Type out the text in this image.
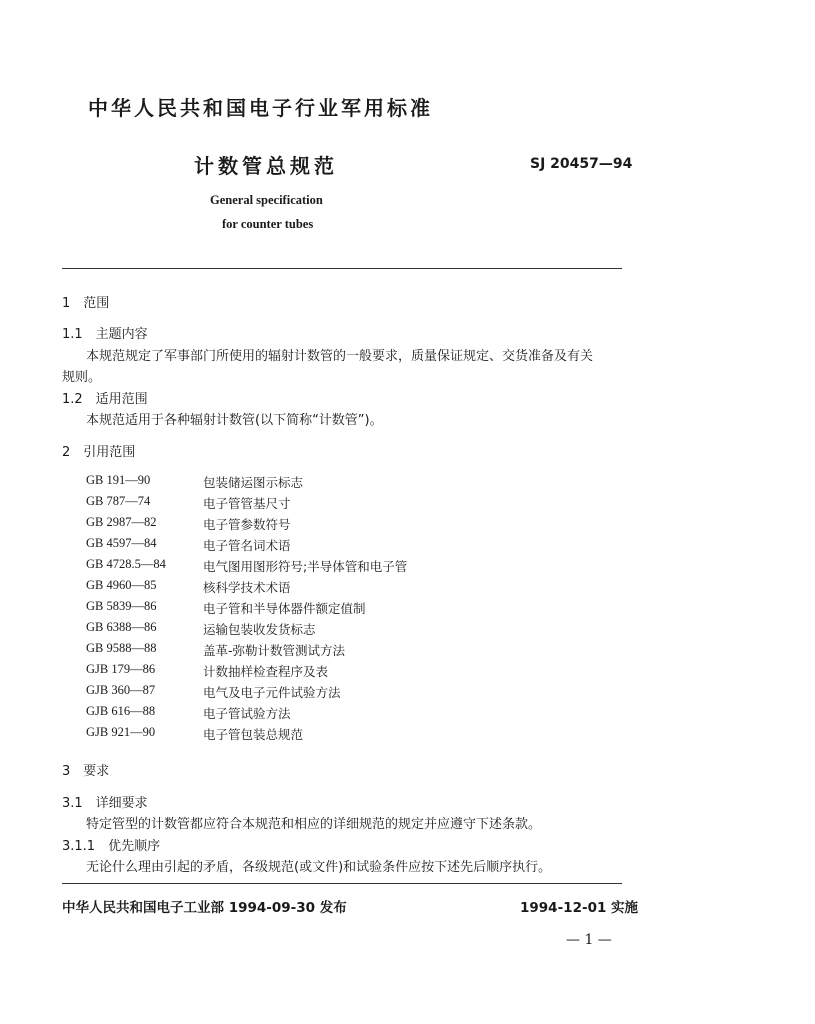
中华人民共和国电子行业军用标准
计数管总规范	SJ 20457—94
General specification
for counter tubes
1　范围
1.1　主题内容
本规范规定了军事部门所使用的辐射计数管的一般要求，质量保证规定、交货准备及有关
规则。
1.2　适用范围
本规范适用于各种辐射计数管(以下简称“计数管”)。
2　引用范围
GB 191—90	包装储运图示标志
GB 787—74	电子管管基尺寸
GB 2987—82	电子管参数符号
GB 4597—84	电子管名词术语
GB 4728.5—84	电气图用图形符号;半导体管和电子管
GB 4960—85	核科学技术术语
GB 5839—86	电子管和半导体器件额定值制
GB 6388—86	运输包装收发货标志
GB 9588—88	盖革-弥勒计数管测试方法
GJB 179—86	计数抽样检查程序及表
GJB 360—87	电气及电子元件试验方法
GJB 616—88	电子管试验方法
GJB 921—90	电子管包装总规范
3　要求
3.1　详细要求
特定管型的计数管都应符合本规范和相应的详细规范的规定并应遵守下述条款。
3.1.1　优先顺序
无论什么理由引起的矛盾，各级规范(或文件)和试验条件应按下述先后顺序执行。
中华人民共和国电子工业部 1994-09-30 发布	1994-12-01 实施
— 1 —
